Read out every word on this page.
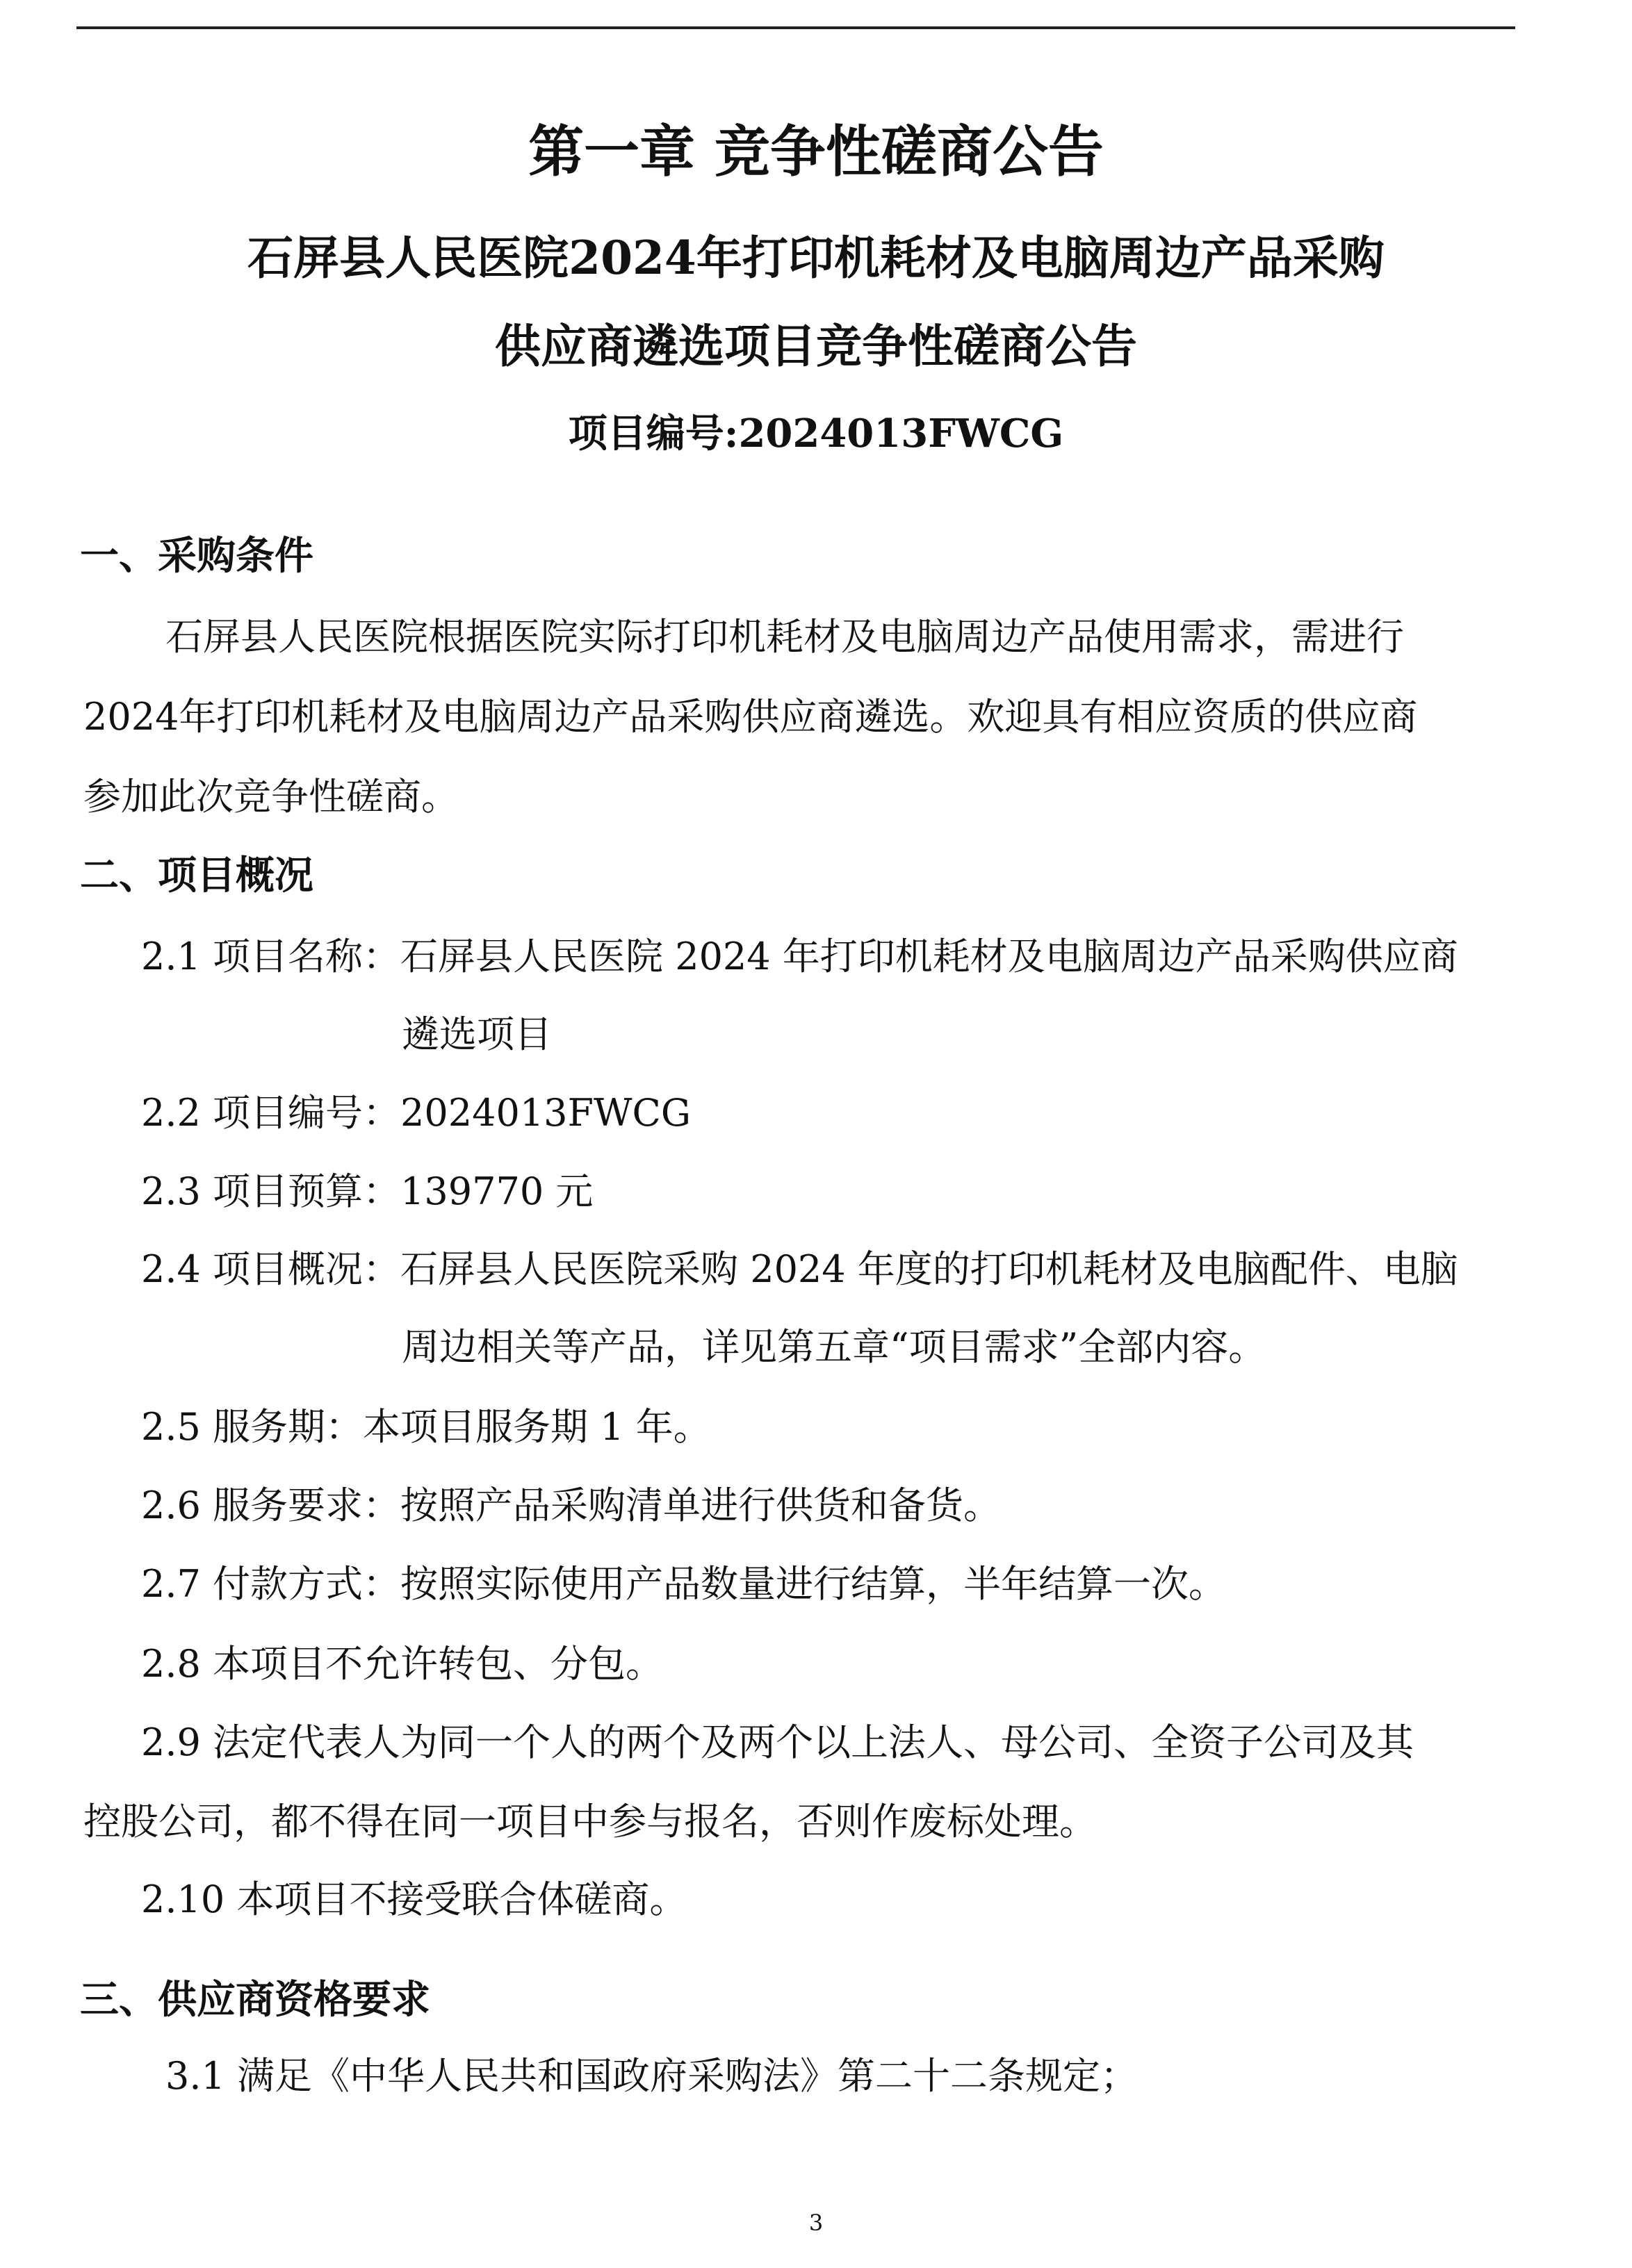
第一章 竞争性磋商公告
石屏县人民医院2024年打印机耗材及电脑周边产品采购
供应商遴选项目竞争性磋商公告
项目编号:2024013FWCG
一、采购条件
石屏县人民医院根据医院实际打印机耗材及电脑周边产品使用需求，需进行
2024年打印机耗材及电脑周边产品采购供应商遴选。欢迎具有相应资质的供应商
参加此次竞争性磋商。
二、项目概况
2.1 项目名称：石屏县人民医院 2024 年打印机耗材及电脑周边产品采购供应商
遴选项目
2.2 项目编号：2024013FWCG
2.3 项目预算：139770 元
2.4 项目概况：石屏县人民医院采购 2024 年度的打印机耗材及电脑配件、电脑
周边相关等产品，详见第五章“项目需求”全部内容。
2.5 服务期：本项目服务期 1 年。
2.6 服务要求：按照产品采购清单进行供货和备货。
2.7 付款方式：按照实际使用产品数量进行结算，半年结算一次。
2.8 本项目不允许转包、分包。
2.9 法定代表人为同一个人的两个及两个以上法人、母公司、全资子公司及其
控股公司，都不得在同一项目中参与报名，否则作废标处理。
2.10 本项目不接受联合体磋商。
三、供应商资格要求
3.1 满足《中华人民共和国政府采购法》第二十二条规定；
3
